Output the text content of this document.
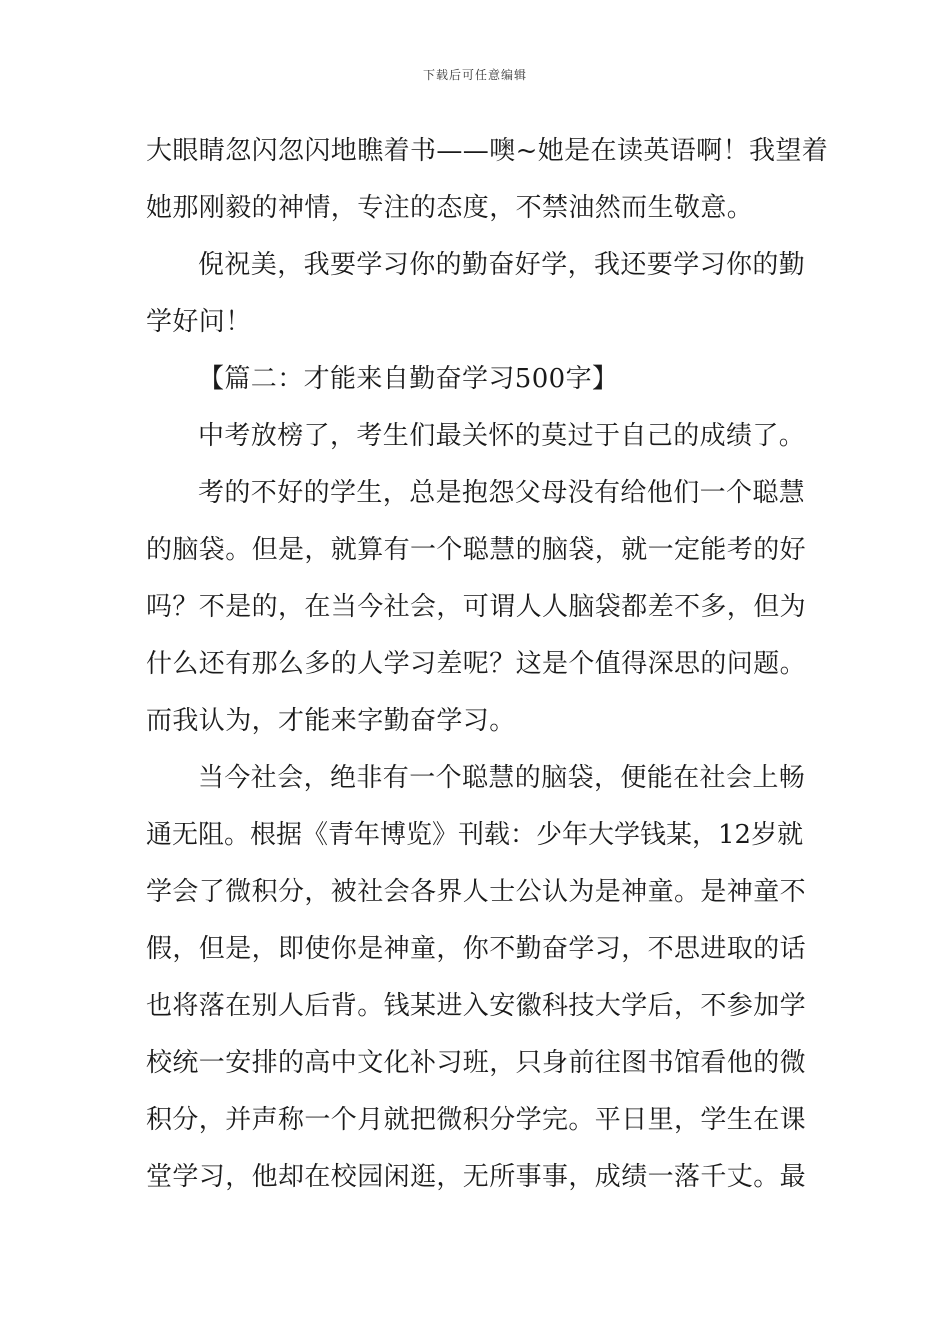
下载后可任意编辑
大眼睛忽闪忽闪地瞧着书——噢~她是在读英语啊！我望着
她那刚毅的神情，专注的态度，不禁油然而生敬意。
倪祝美，我要学习你的勤奋好学，我还要学习你的勤
学好问！
【篇二：才能来自勤奋学习500字】
中考放榜了，考生们最关怀的莫过于自己的成绩了。
考的不好的学生，总是抱怨父母没有给他们一个聪慧
的脑袋。但是，就算有一个聪慧的脑袋，就一定能考的好
吗？不是的，在当今社会，可谓人人脑袋都差不多，但为
什么还有那么多的人学习差呢？这是个值得深思的问题。
而我认为，才能来字勤奋学习。
当今社会，绝非有一个聪慧的脑袋，便能在社会上畅
通无阻。根据《青年博览》刊载：少年大学钱某，12岁就
学会了微积分，被社会各界人士公认为是神童。是神童不
假，但是，即使你是神童，你不勤奋学习，不思进取的话
也将落在别人后背。钱某进入安徽科技大学后，不参加学
校统一安排的高中文化补习班，只身前往图书馆看他的微
积分，并声称一个月就把微积分学完。平日里，学生在课
堂学习，他却在校园闲逛，无所事事，成绩一落千丈。最
